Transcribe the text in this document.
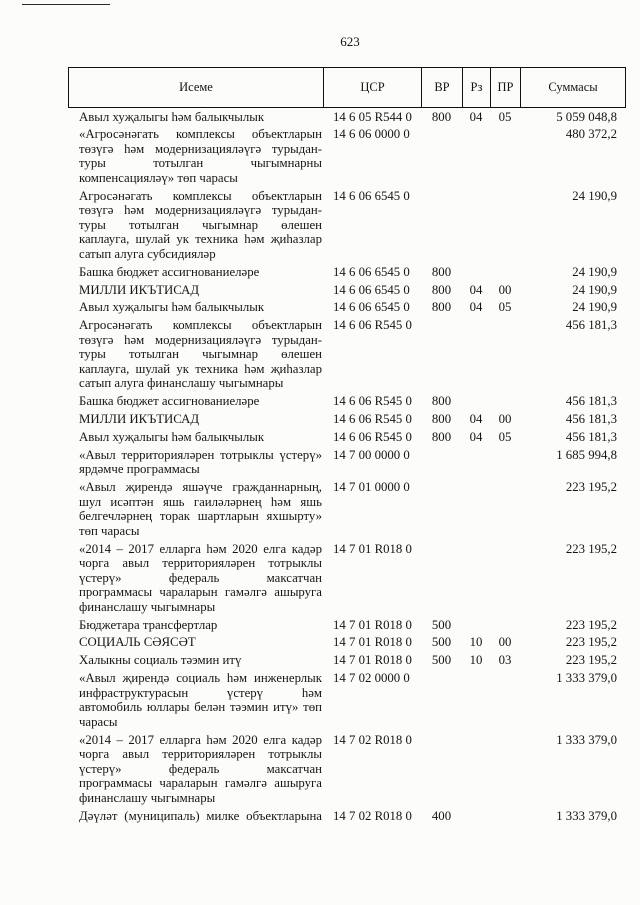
623
Исеме	ЦСР	ВР	Рз	ПР	Суммасы
Авыл хуҗалыгы һәм балыкчылык	14 6 05 R544 0	800	04	05	5 059 048,8
«Агросәнәгать комплексы объектларын
төзүгә һәм модернизацияләүгә турыдан-
туры тотылган чыгымнарны
компенсацияләү» төп чарасы
14 6 06 0000 0	480 372,2
Агросәнәгать комплексы объектларын
төзүгә һәм модернизацияләүгә турыдан-
туры тотылган чыгымнар өлешен
каплауга, шулай ук техника һәм җиһазлар
сатып алуга субсидияләр
14 6 06 6545 0	24 190,9
Башка бюджет ассигнованиеләре	14 6 06 6545 0	800	24 190,9
МИЛЛИ ИКЪТИСАД	14 6 06 6545 0	800	04	00	24 190,9
Авыл хуҗалыгы һәм балыкчылык	14 6 06 6545 0	800	04	05	24 190,9
Агросәнәгать комплексы объектларын
төзүгә һәм модернизацияләүгә турыдан-
туры тотылган чыгымнар өлешен
каплауга, шулай ук техника һәм җиһазлар
сатып алуга финанслашу чыгымнары
14 6 06 R545 0	456 181,3
Башка бюджет ассигнованиеләре	14 6 06 R545 0	800	456 181,3
МИЛЛИ ИКЪТИСАД	14 6 06 R545 0	800	04	00	456 181,3
Авыл хуҗалыгы һәм балыкчылык	14 6 06 R545 0	800	04	05	456 181,3
«Авыл территорияләрен тотрыклы үстерү»
ярдәмче программасы
14 7 00 0000 0	1 685 994,8
«Авыл җирендә яшәүче гражданнарның,
шул исәптән яшь гаиләләрнең һәм яшь
белгечләрнең торак шартларын яхшырту»
төп чарасы
14 7 01 0000 0	223 195,2
«2014 – 2017 елларга һәм 2020 елга кадәр
чорга авыл территорияләрен тотрыклы
үстерү» федераль максатчан
программасы чараларын гамәлгә ашыруга
финанслашу чыгымнары
14 7 01 R018 0	223 195,2
Бюджетара трансфертлар	14 7 01 R018 0	500	223 195,2
СОЦИАЛЬ СӘЯСӘТ	14 7 01 R018 0	500	10	00	223 195,2
Халыкны социаль тәэмин итү	14 7 01 R018 0	500	10	03	223 195,2
«Авыл җирендә социаль һәм инженерлык
инфраструктурасын үстерү һәм
автомобиль юллары белән тәэмин итү» төп
чарасы
14 7 02 0000 0	1 333 379,0
«2014 – 2017 елларга һәм 2020 елга кадәр
чорга авыл территорияләрен тотрыклы
үстерү» федераль максатчан
программасы чараларын гамәлгә ашыруга
финанслашу чыгымнары
14 7 02 R018 0	1 333 379,0
Дәүләт (муниципаль) милке объектларына 14 7 02 R018 0	400	1 333 379,0
